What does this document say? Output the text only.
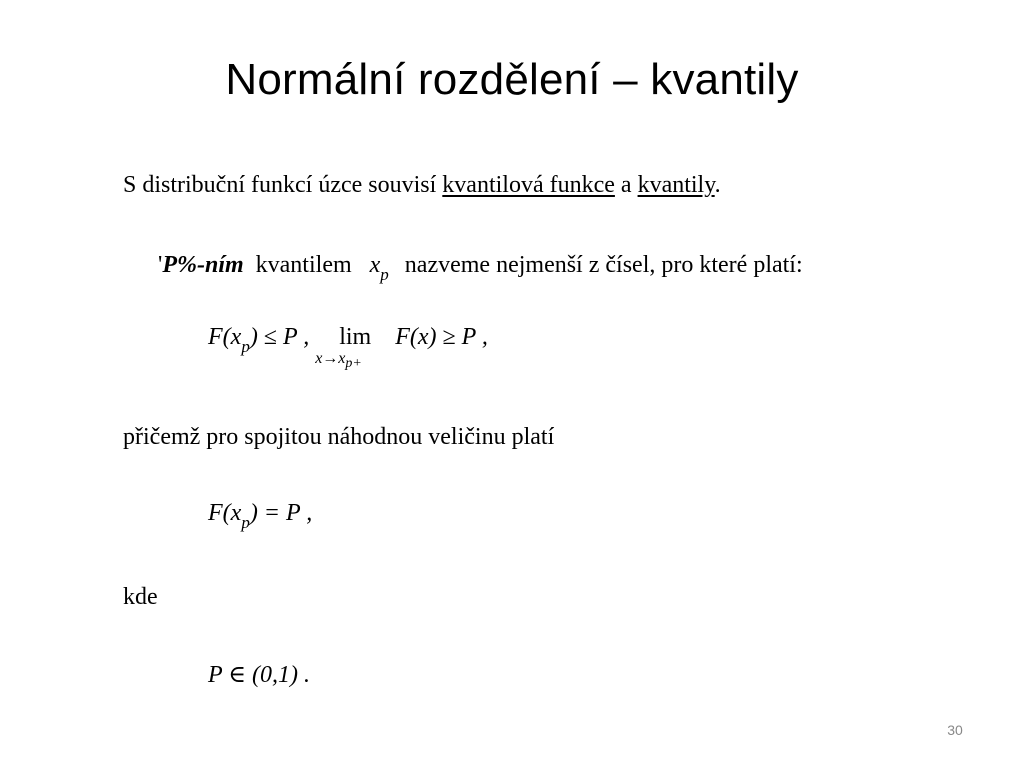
Normální rozdělení – kvantily
S distribuční funkcí úzce souvisí kvantilová funkce a kvantily.
'P%-ním kvantilem $x_p$ nazveme nejmenší z čísel, pro které platí:
$F(x_p) \le P$ , lim
x→xp+
F(x) ≥ P ,
přičemž pro spojitou náhodnou veličinu platí
$F(x_p) = P$ ,
kde
P ∈ (0,1) .
30
